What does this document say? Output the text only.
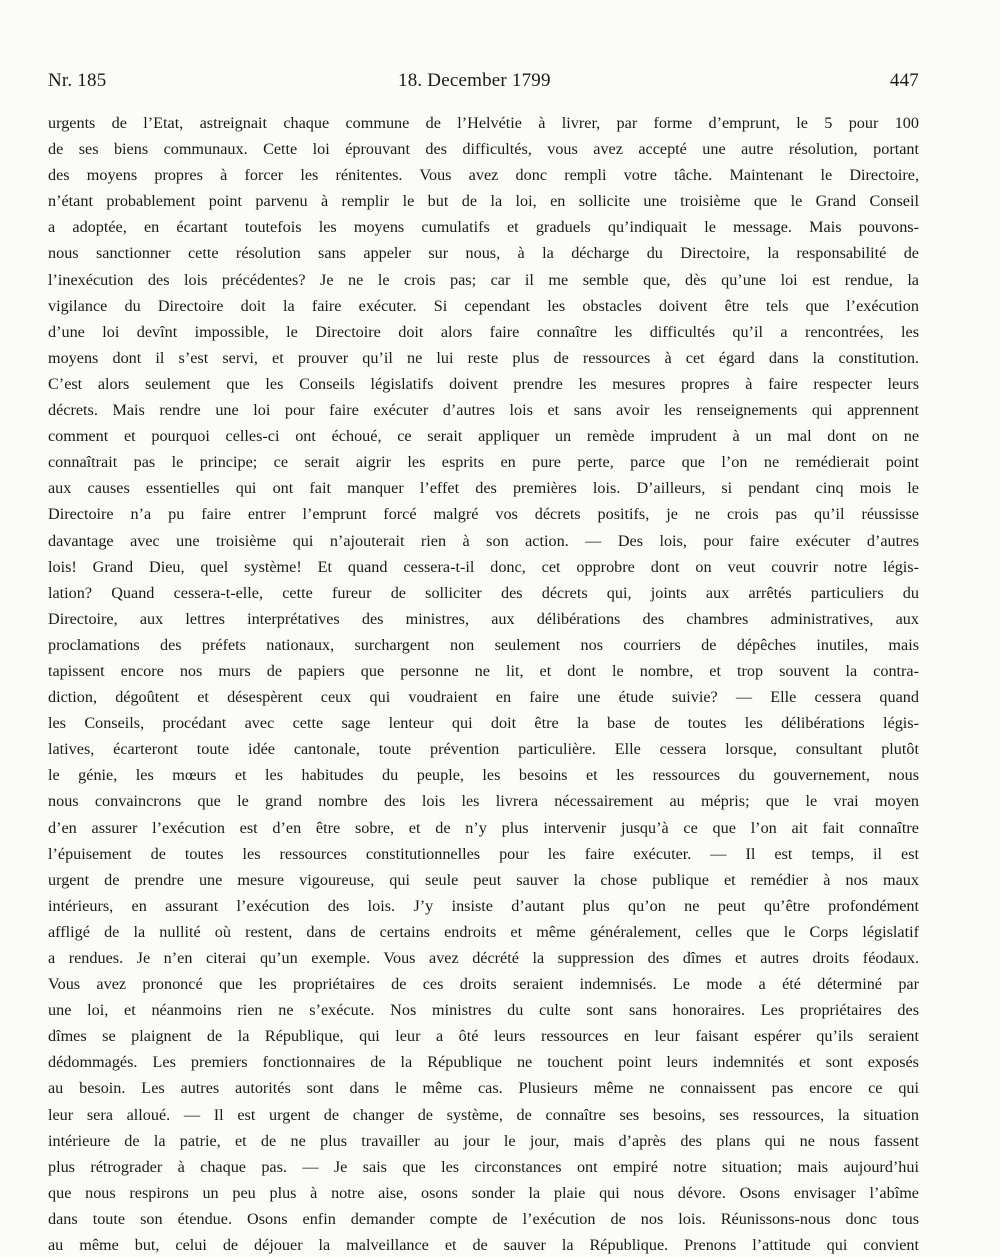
Nr. 185	18. December 1799	447
urgents de l’Etat, astreignait chaque commune de l’Helvétie à livrer, par forme d’emprunt, le 5 pour 100
de ses biens communaux. Cette loi éprouvant des difficultés, vous avez accepté une autre résolution, portant
des moyens propres à forcer les rénitentes. Vous avez donc rempli votre tâche. Maintenant le Directoire,
n’étant probablement point parvenu à remplir le but de la loi, en sollicite une troisième que le Grand Conseil
a adoptée, en écartant toutefois les moyens cumulatifs et graduels qu’indiquait le message. Mais pouvons-
nous sanctionner cette résolution sans appeler sur nous, à la décharge du Directoire, la responsabilité de
l’inexécution des lois précédentes? Je ne le crois pas; car il me semble que, dès qu’une loi est rendue, la
vigilance du Directoire doit la faire exécuter. Si cependant les obstacles doivent être tels que l’exécution
d’une loi devînt impossible, le Directoire doit alors faire connaître les difficultés qu’il a rencontrées, les
moyens dont il s’est servi, et prouver qu’il ne lui reste plus de ressources à cet égard dans la constitution.
C’est alors seulement que les Conseils législatifs doivent prendre les mesures propres à faire respecter leurs
décrets. Mais rendre une loi pour faire exécuter d’autres lois et sans avoir les renseignements qui apprennent
comment et pourquoi celles-ci ont échoué, ce serait appliquer un remède imprudent à un mal dont on ne
connaîtrait pas le principe; ce serait aigrir les esprits en pure perte, parce que l’on ne remédierait point
aux causes essentielles qui ont fait manquer l’effet des premières lois. D’ailleurs, si pendant cinq mois le
Directoire n’a pu faire entrer l’emprunt forcé malgré vos décrets positifs, je ne crois pas qu’il réussisse
davantage avec une troisième qui n’ajouterait rien à son action. — Des lois, pour faire exécuter d’autres
lois! Grand Dieu, quel système! Et quand cessera-t-il donc, cet opprobre dont on veut couvrir notre légis-
lation? Quand cessera-t-elle, cette fureur de solliciter des décrets qui, joints aux arrêtés particuliers du
Directoire, aux lettres interprétatives des ministres, aux délibérations des chambres administratives, aux
proclamations des préfets nationaux, surchargent non seulement nos courriers de dépêches inutiles, mais
tapissent encore nos murs de papiers que personne ne lit, et dont le nombre, et trop souvent la contra-
diction, dégoûtent et désespèrent ceux qui voudraient en faire une étude suivie? — Elle cessera quand
les Conseils, procédant avec cette sage lenteur qui doit être la base de toutes les délibérations légis-
latives, écarteront toute idée cantonale, toute prévention particulière. Elle cessera lorsque, consultant plutôt
le génie, les mœurs et les habitudes du peuple, les besoins et les ressources du gouvernement, nous
nous convaincrons que le grand nombre des lois les livrera nécessairement au mépris; que le vrai moyen
d’en assurer l’exécution est d’en être sobre, et de n’y plus intervenir jusqu’à ce que l’on ait fait connaître
l’épuisement de toutes les ressources constitutionnelles pour les faire exécuter. — Il est temps, il est
urgent de prendre une mesure vigoureuse, qui seule peut sauver la chose publique et remédier à nos maux
intérieurs, en assurant l’exécution des lois. J’y insiste d’autant plus qu’on ne peut qu’être profondément
affligé de la nullité où restent, dans de certains endroits et même généralement, celles que le Corps législatif
a rendues. Je n’en citerai qu’un exemple. Vous avez décrété la suppression des dîmes et autres droits féodaux.
Vous avez prononcé que les propriétaires de ces droits seraient indemnisés. Le mode a été déterminé par
une loi, et néanmoins rien ne s’exécute. Nos ministres du culte sont sans honoraires. Les propriétaires des
dîmes se plaignent de la République, qui leur a ôté leurs ressources en leur faisant espérer qu’ils seraient
dédommagés. Les premiers fonctionnaires de la République ne touchent point leurs indemnités et sont exposés
au besoin. Les autres autorités sont dans le même cas. Plusieurs même ne connaissent pas encore ce qui
leur sera alloué. — Il est urgent de changer de système, de connaître ses besoins, ses ressources, la situation
intérieure de la patrie, et de ne plus travailler au jour le jour, mais d’après des plans qui ne nous fassent
plus rétrograder à chaque pas. — Je sais que les circonstances ont empiré notre situation; mais aujourd’hui
que nous respirons un peu plus à notre aise, osons sonder la plaie qui nous dévore. Osons envisager l’abîme
dans toute son étendue. Osons enfin demander compte de l’exécution de nos lois. Réunissons-nous donc tous
au même but, celui de déjouer la malveillance et de sauver la République. Prenons l’attitude qui convient
